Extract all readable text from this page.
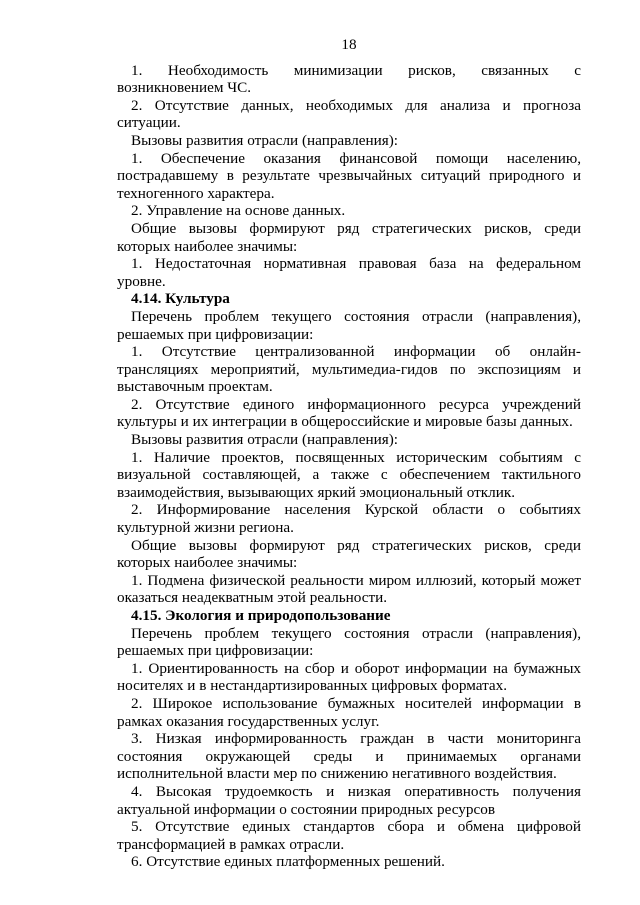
18

1. Необходимость минимизации рисков, связанных с возникновением ЧС.

2. Отсутствие данных, необходимых для анализа и прогноза ситуации.

Вызовы развития отрасли (направления):

1. Обеспечение оказания финансовой помощи населению, пострадавшему в результате чрезвычайных ситуаций природного и техногенного характера.

2. Управление на основе данных.

Общие вызовы формируют ряд стратегических рисков, среди которых наиболее значимы:

1. Недостаточная нормативная правовая база на федеральном уровне.

4.14. Культура

Перечень проблем текущего состояния отрасли (направления), решаемых при цифровизации:

1. Отсутствие централизованной информации об онлайн-трансляциях мероприятий, мультимедиа-гидов по экспозициям и выставочным проектам.

2. Отсутствие единого информационного ресурса учреждений культуры и их интеграции в общероссийские и мировые базы данных.

Вызовы развития отрасли (направления):

1. Наличие проектов, посвященных историческим событиям с визуальной составляющей, а также с обеспечением тактильного взаимодействия, вызывающих яркий эмоциональный отклик.

2. Информирование населения Курской области о событиях культурной жизни региона.

Общие вызовы формируют ряд стратегических рисков, среди которых наиболее значимы:

1. Подмена физической реальности миром иллюзий, который может оказаться неадекватным этой реальности.

4.15. Экология и природопользование

Перечень проблем текущего состояния отрасли (направления), решаемых при цифровизации:

1. Ориентированность на сбор и оборот информации на бумажных носителях и в нестандартизированных цифровых форматах.

2. Широкое использование бумажных носителей информации в рамках оказания государственных услуг.

3. Низкая информированность граждан в части мониторинга состояния окружающей среды и принимаемых органами исполнительной власти мер по снижению негативного воздействия.

4. Высокая трудоемкость и низкая оперативность получения актуальной информации о состоянии природных ресурсов

5. Отсутствие единых стандартов сбора и обмена цифровой трансформацией в рамках отрасли.

6. Отсутствие единых платформенных решений.
